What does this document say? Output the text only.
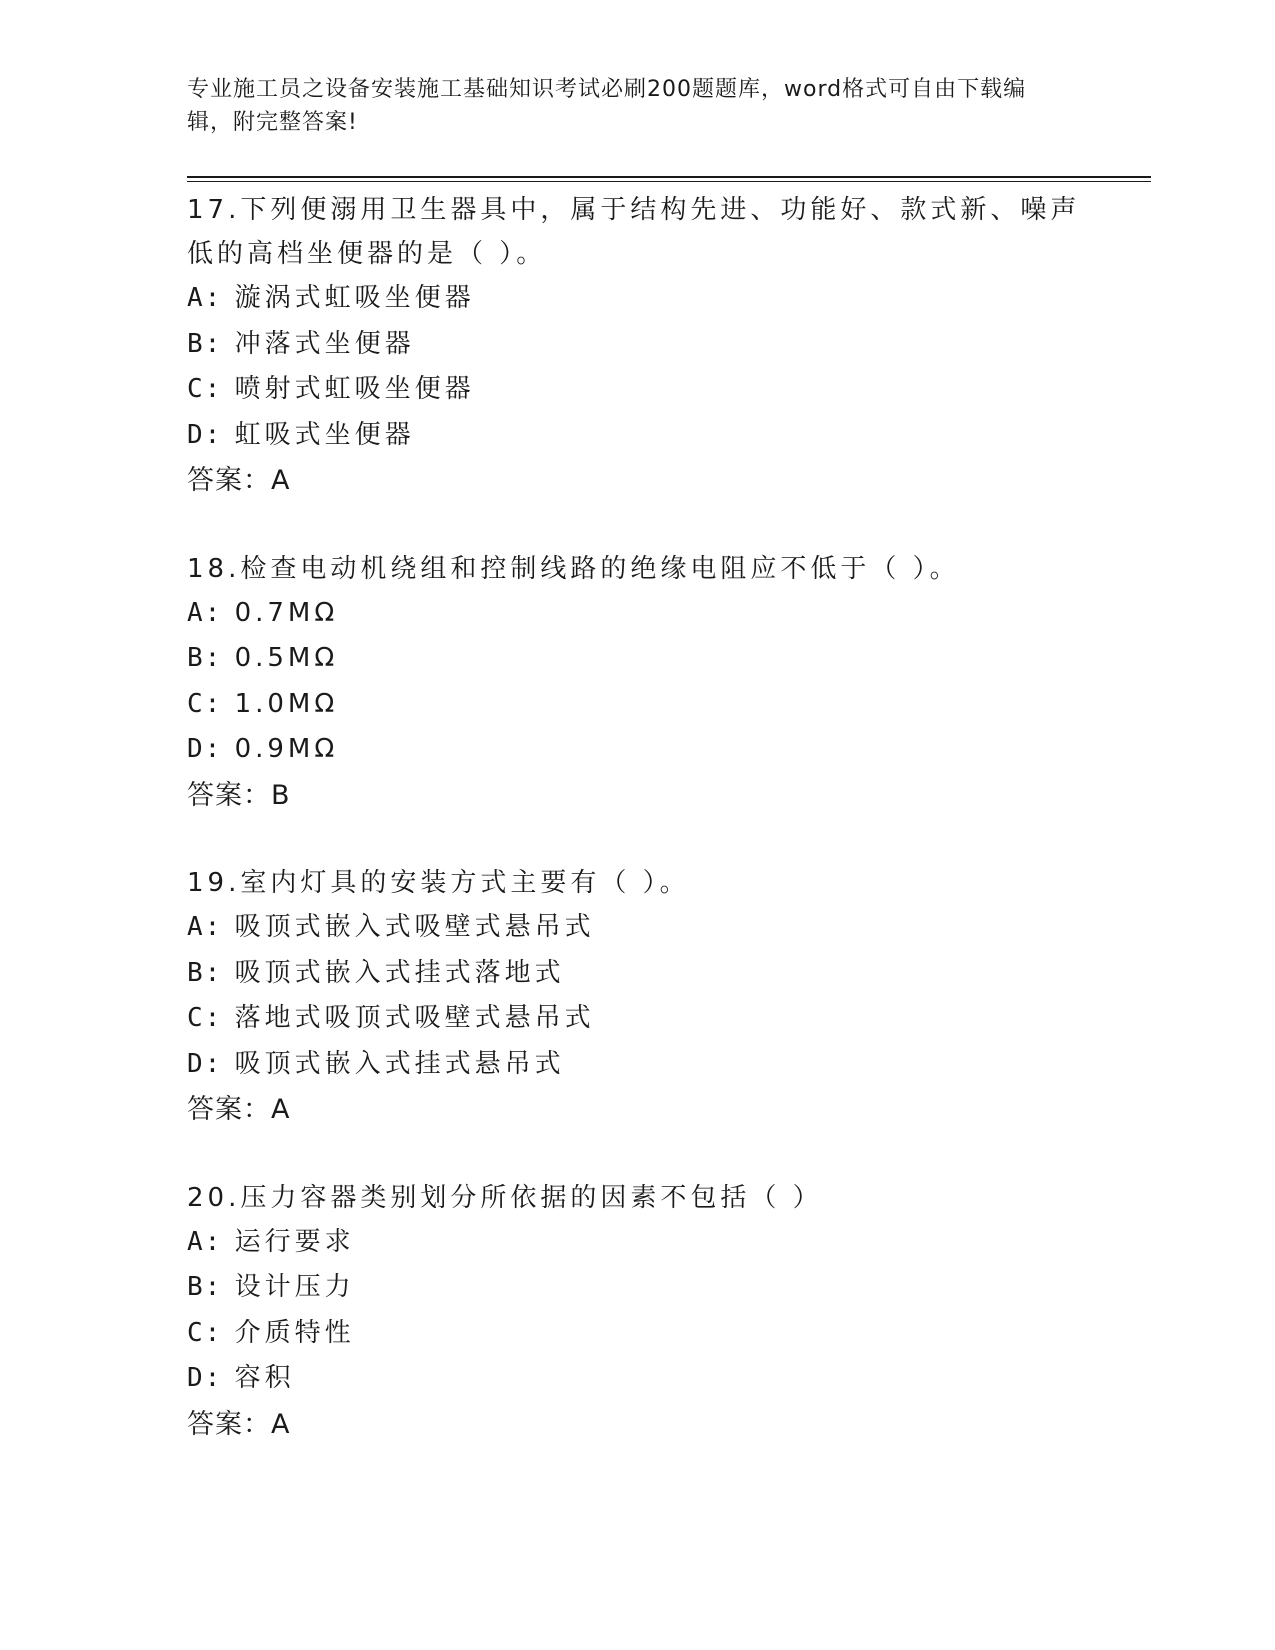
专业施工员之设备安装施工基础知识考试必刷200题题库，word格式可自由下载编辑，附完整答案!
17.下列便溺用卫生器具中，属于结构先进、功能好、款式新、噪声低的高档坐便器的是（ ）。
A: 漩涡式虹吸坐便器
B: 冲落式坐便器
C: 喷射式虹吸坐便器
D: 虹吸式坐便器
答案：A
18.检查电动机绕组和控制线路的绝缘电阻应不低于（ ）。
A: 0.7MΩ
B: 0.5MΩ
C: 1.0MΩ
D: 0.9MΩ
答案：B
19.室内灯具的安装方式主要有（ ）。
A: 吸顶式嵌入式吸壁式悬吊式
B: 吸顶式嵌入式挂式落地式
C: 落地式吸顶式吸壁式悬吊式
D: 吸顶式嵌入式挂式悬吊式
答案：A
20.压力容器类别划分所依据的因素不包括（ ）
A: 运行要求
B: 设计压力
C: 介质特性
D: 容积
答案：A
